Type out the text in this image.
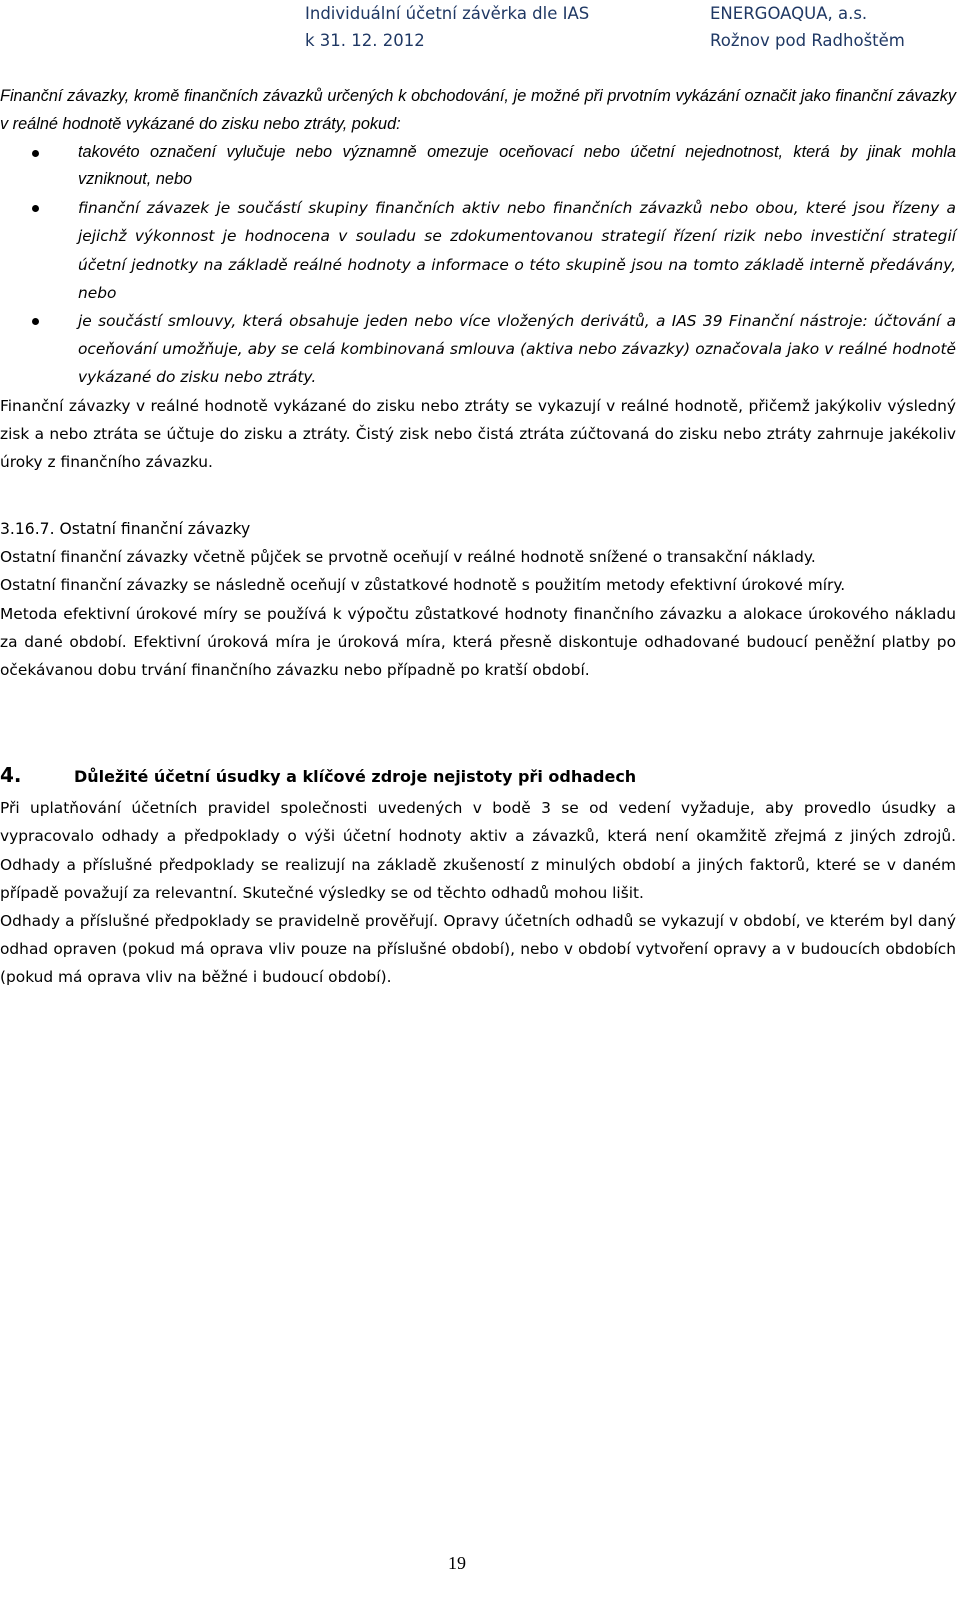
Individuální účetní závěrka dle IAS
k 31. 12. 2012
ENERGOAQUA, a.s.
Rožnov pod Radhoštěm

Finanční závazky, kromě finančních závazků určených k obchodování, je možné při prvotním vykázání označit jako finanční závazky v reálné hodnotě vykázané do zisku nebo ztráty, pokud:

takovéto označení vylučuje nebo významně omezuje oceňovací nebo účetní nejednotnost, která by jinak mohla vzniknout, nebo
finanční závazek je součástí skupiny finančních aktiv nebo finančních závazků nebo obou, které jsou řízeny a jejichž výkonnost je hodnocena v souladu se zdokumentovanou strategií řízení rizik nebo investiční strategií účetní jednotky na základě reálné hodnoty a informace o této skupině jsou na tomto základě interně předávány, nebo
je součástí smlouvy, která obsahuje jeden nebo více vložených derivátů, a IAS 39 Finanční nástroje: účtování a oceňování umožňuje, aby se celá kombinovaná smlouva (aktiva nebo závazky) označovala jako v reálné hodnotě vykázané do zisku nebo ztráty.

Finanční závazky v reálné hodnotě vykázané do zisku nebo ztráty se vykazují v reálné hodnotě, přičemž jakýkoliv výsledný zisk a nebo ztráta se účtuje do zisku a ztráty. Čistý zisk nebo čistá ztráta zúčtovaná do zisku nebo ztráty zahrnuje jakékoliv úroky z finančního závazku.

3.16.7. Ostatní finanční závazky

Ostatní finanční závazky včetně půjček se prvotně oceňují v reálné hodnotě snížené o transakční náklady.

Ostatní finanční závazky se následně oceňují v zůstatkové hodnotě s použitím metody efektivní úrokové míry.

Metoda efektivní úrokové míry se používá k výpočtu zůstatkové hodnoty finančního závazku a alokace úrokového nákladu za dané období. Efektivní úroková míra je úroková míra, která přesně diskontuje odhadované budoucí peněžní platby po očekávanou dobu trvání finančního závazku nebo případně po kratší období.

4.	Důležité účetní úsudky a klíčové zdroje nejistoty při odhadech

Při uplatňování účetních pravidel společnosti uvedených v bodě 3 se od vedení vyžaduje, aby provedlo úsudky a vypracovalo odhady a předpoklady o výši účetní hodnoty aktiv a závazků, která není okamžitě zřejmá z jiných zdrojů. Odhady a příslušné předpoklady se realizují na základě zkušeností z minulých období a jiných faktorů, které se v daném případě považují za relevantní. Skutečné výsledky se od těchto odhadů mohou lišit.

Odhady a příslušné předpoklady se pravidelně prověřují. Opravy účetních odhadů se vykazují v období, ve kterém byl daný odhad opraven (pokud má oprava vliv pouze na příslušné období), nebo v období vytvoření opravy a v budoucích obdobích (pokud má oprava vliv na běžné i budoucí období).

19
